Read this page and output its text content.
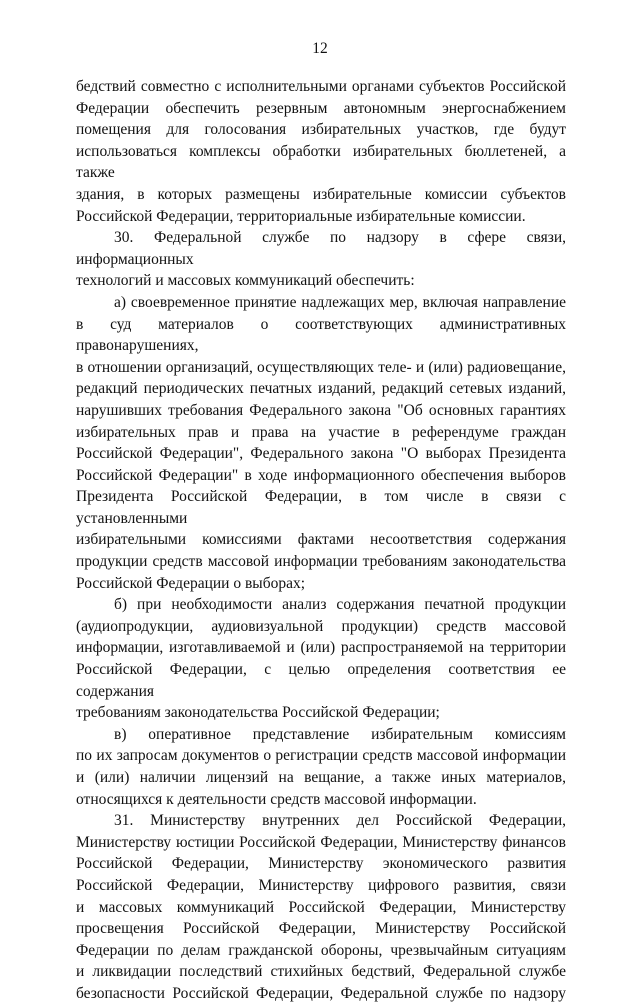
12

бедствий совместно с исполнительными органами субъектов Российской

Федерации обеспечить резервным автономным энергоснабжением

помещения для голосования избирательных участков, где будут

использоваться комплексы обработки избирательных бюллетеней, а также

здания, в которых размещены избирательные комиссии субъектов

Российской Федерации, территориальные избирательные комиссии.

30. Федеральной службе по надзору в сфере связи, информационных

технологий и массовых коммуникаций обеспечить:

а) своевременное принятие надлежащих мер, включая направление

в суд материалов о соответствующих административных правонарушениях,

в отношении организаций, осуществляющих теле- и (или) радиовещание,

редакций периодических печатных изданий, редакций сетевых изданий,

нарушивших требования Федерального закона "Об основных гарантиях

избирательных прав и права на участие в референдуме граждан

Российской Федерации", Федерального закона "О выборах Президента

Российской Федерации" в ходе информационного обеспечения выборов

Президента Российской Федерации, в том числе в связи с установленными

избирательными комиссиями фактами несоответствия содержания

продукции средств массовой информации требованиям законодательства

Российской Федерации о выборах;

б) при необходимости анализ содержания печатной продукции

(аудиопродукции, аудиовизуальной продукции) средств массовой

информации, изготавливаемой и (или) распространяемой на территории

Российской Федерации, с целью определения соответствия ее содержания

требованиям законодательства Российской Федерации;

в) оперативное представление избирательным комиссиям

по их запросам документов о регистрации средств массовой информации

и (или) наличии лицензий на вещание, а также иных материалов,

относящихся к деятельности средств массовой информации.

31. Министерству внутренних дел Российской Федерации,

Министерству юстиции Российской Федерации, Министерству финансов

Российской Федерации, Министерству экономического развития

Российской Федерации, Министерству цифрового развития, связи

и массовых коммуникаций Российской Федерации, Министерству

просвещения Российской Федерации, Министерству Российской

Федерации по делам гражданской обороны, чрезвычайным ситуациям

и ликвидации последствий стихийных бедствий, Федеральной службе

безопасности Российской Федерации, Федеральной службе по надзору
